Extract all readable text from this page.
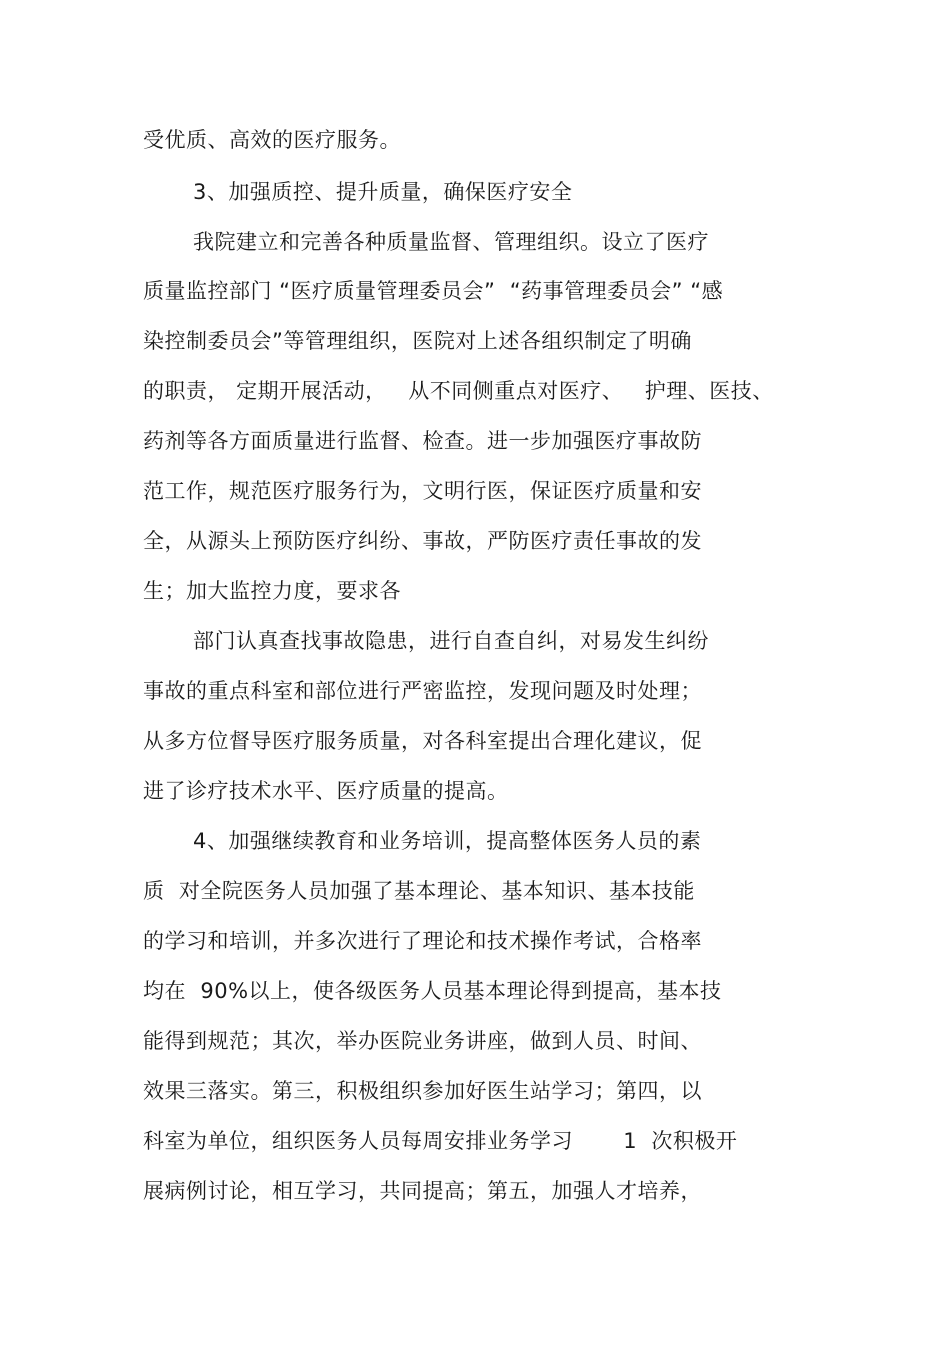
受优质、高效的医疗服务。
3、加强质控、提升质量，确保医疗安全
我院建立和完善各种质量监督、管理组织。设立了医疗
质量监控部门 “医疗质量管理委员会”  “药事管理委员会” “感
染控制委员会”等管理组织，医院对上述各组织制定了明确
的职责， 定期开展活动，   从不同侧重点对医疗、   护理、医技、
药剂等各方面质量进行监督、检查。进一步加强医疗事故防
范工作，规范医疗服务行为，文明行医，保证医疗质量和安
全，从源头上预防医疗纠纷、事故，严防医疗责任事故的发
生；加大监控力度，要求各
部门认真查找事故隐患，进行自查自纠，对易发生纠纷
事故的重点科室和部位进行严密监控，发现问题及时处理；
从多方位督导医疗服务质量，对各科室提出合理化建议，促
进了诊疗技术水平、医疗质量的提高。
4、加强继续教育和业务培训，提高整体医务人员的素
质  对全院医务人员加强了基本理论、基本知识、基本技能
的学习和培训，并多次进行了理论和技术操作考试，合格率
均在  90%以上，使各级医务人员基本理论得到提高，基本技
能得到规范；其次，举办医院业务讲座，做到人员、时间、
效果三落实。第三，积极组织参加好医生站学习；第四，以
科室为单位，组织医务人员每周安排业务学习       1  次积极开
展病例讨论，相互学习，共同提高；第五，加强人才培养，
